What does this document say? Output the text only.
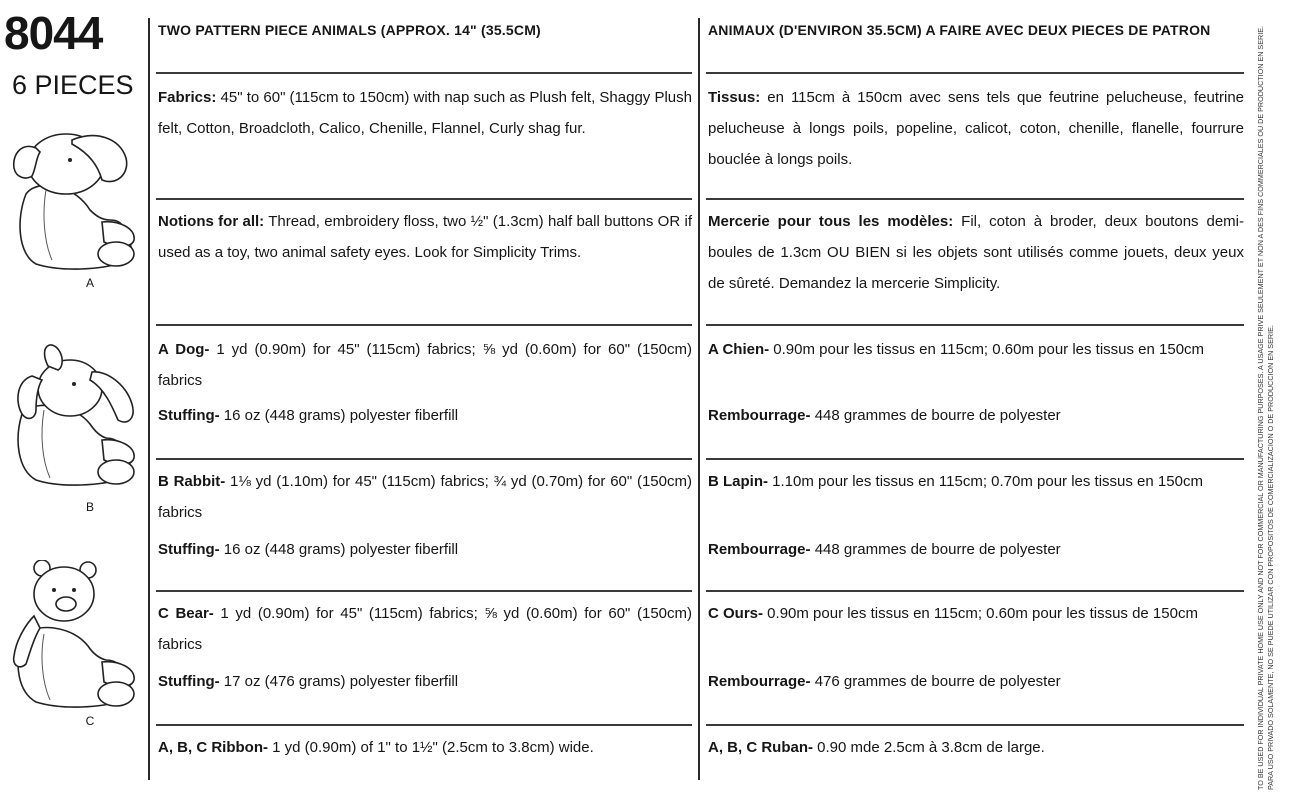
8044
6 PIECES
A
B
C
TWO PATTERN PIECE ANIMALS (APPROX. 14" (35.5CM)
Fabrics: 45" to 60" (115cm to 150cm) with nap such as Plush felt, Shaggy Plush felt, Cotton, Broadcloth, Calico, Chenille, Flannel, Curly shag fur.
Notions for all: Thread, embroidery floss, two ½" (1.3cm) half ball buttons OR if used as a toy, two animal safety eyes. Look for Simplicity Trims.
A Dog- 1 yd (0.90m) for 45" (115cm) fabrics; ⅝ yd (0.60m) for 60" (150cm) fabrics
Stuffing- 16 oz (448 grams) polyester fiberfill
B Rabbit- 1⅛ yd (1.10m) for 45" (115cm) fabrics; ¾ yd (0.70m) for 60" (150cm) fabrics
Stuffing- 16 oz (448 grams) polyester fiberfill
C Bear- 1 yd (0.90m) for 45" (115cm) fabrics; ⅝ yd (0.60m) for 60" (150cm) fabrics
Stuffing- 17 oz (476 grams) polyester fiberfill
A, B, C Ribbon- 1 yd (0.90m) of 1" to 1½" (2.5cm to 3.8cm) wide.
ANIMAUX (D'ENVIRON 35.5CM) A FAIRE AVEC DEUX PIECES DE PATRON
Tissus: en 115cm à 150cm avec sens tels que feutrine pelucheuse, feutrine pelucheuse à longs poils, popeline, calicot, coton, chenille, flanelle, fourrure bouclée à longs poils.
Mercerie pour tous les modèles: Fil, coton à broder, deux boutons demi-boules de 1.3cm OU BIEN si les objets sont utilisés comme jouets, deux yeux de sûreté. Demandez la mercerie Simplicity.
A Chien- 0.90m pour les tissus en 115cm; 0.60m pour les tissus en 150cm
Rembourrage- 448 grammes de bourre de polyester
B Lapin- 1.10m pour les tissus en 115cm; 0.70m pour les tissus en 150cm
Rembourrage- 448 grammes de bourre de polyester
C Ours- 0.90m pour les tissus en 115cm; 0.60m pour les tissus de 150cm
Rembourrage- 476 grammes de bourre de polyester
A, B, C Ruban- 0.90 mde 2.5cm à 3.8cm de large.	TO BE USED FOR INDIVIDUAL PRIVATE HOME USE ONLY AND NOT FOR COMMERCIAL OR MANUFACTURING PURPOSES. A USAGE PRIVE SEULEMENT ET NON A DES FINS COMMERCIALES OU DE PRODUCTION EN SERIE. PARA USO PRIVADO SOLAMENTE, NO SE PUEDE UTILIZAR CON PROPOSITOS DE COMERCIALIZACION O DE PRODUCCION EN SERIE.
